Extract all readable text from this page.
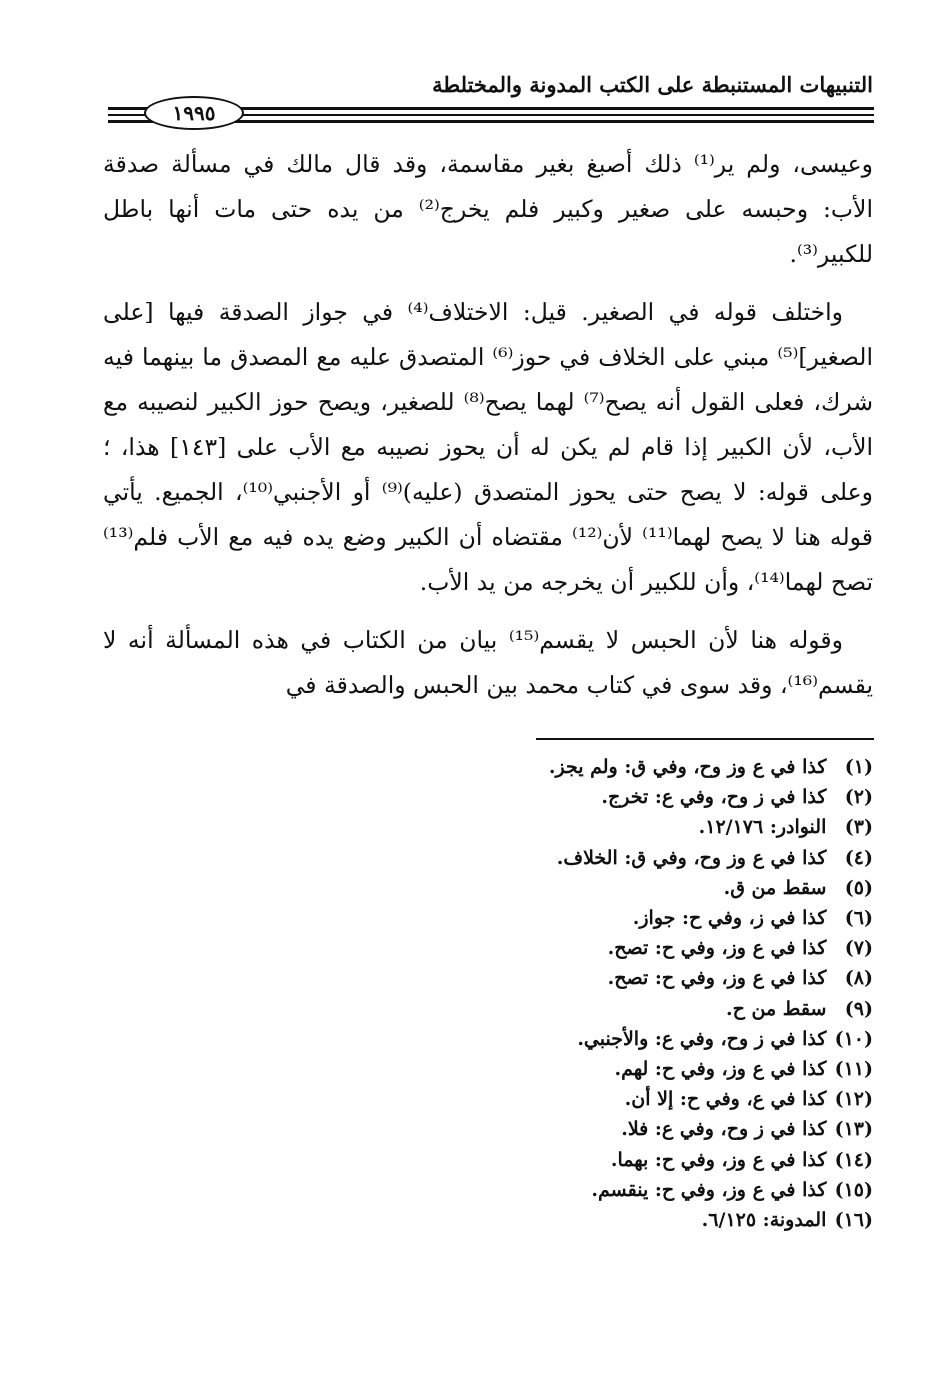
التنبيهات المستنبطة على الكتب المدونة والمختلطة
١٩٩٥

وعيسى، ولم ير⁽¹⁾ ذلك أصبغ بغير مقاسمة، وقد قال مالك في مسألة صدقة الأب: وحبسه على صغير وكبير فلم يخرج⁽²⁾ من يده حتى مات أنها باطل للكبير⁽³⁾.

واختلف قوله في الصغير. قيل: الاختلاف⁽⁴⁾ في جواز الصدقة فيها [على الصغير]⁽⁵⁾ مبني على الخلاف في حوز⁽⁶⁾ المتصدق عليه مع المصدق ما بينهما فيه شرك، فعلى القول أنه يصح⁽⁷⁾ لهما يصح⁽⁸⁾ للصغير، ويصح حوز الكبير لنصيبه مع الأب، لأن الكبير إذا قام لم يكن له أن يحوز نصيبه مع الأب على [١٤٣] هذا، ؛ وعلى قوله: لا يصح حتى يحوز المتصدق (عليه)⁽⁹⁾ أو الأجنبي⁽¹⁰⁾، الجميع. يأتي قوله هنا لا يصح لهما⁽¹¹⁾ لأن⁽¹²⁾ مقتضاه أن الكبير وضع يده فيه مع الأب فلم⁽¹³⁾ تصح لهما⁽¹⁴⁾، وأن للكبير أن يخرجه من يد الأب.

وقوله هنا لأن الحبس لا يقسم⁽¹⁵⁾ بيان من الكتاب في هذه المسألة أنه لا يقسم⁽¹⁶⁾، وقد سوى في كتاب محمد بين الحبس والصدقة في

(١) كذا في ع وز وح، وفي ق: ولم يجز.
(٢) كذا في ز وح، وفي ع: تخرج.
(٣) النوادر: ١٢/١٧٦.
(٤) كذا في ع وز وح، وفي ق: الخلاف.
(٥) سقط من ق.
(٦) كذا في ز، وفي ح: جواز.
(٧) كذا في ع وز، وفي ح: تصح.
(٨) كذا في ع وز، وفي ح: تصح.
(٩) سقط من ح.
(١٠) كذا في ز وح، وفي ع: والأجنبي.
(١١) كذا في ع وز، وفي ح: لهم.
(١٢) كذا في ع، وفي ح: إلا أن.
(١٣) كذا في ز وح، وفي ع: فلا.
(١٤) كذا في ع وز، وفي ح: بهما.
(١٥) كذا في ع وز، وفي ح: ينقسم.
(١٦) المدونة: ٦/١٢٥.
